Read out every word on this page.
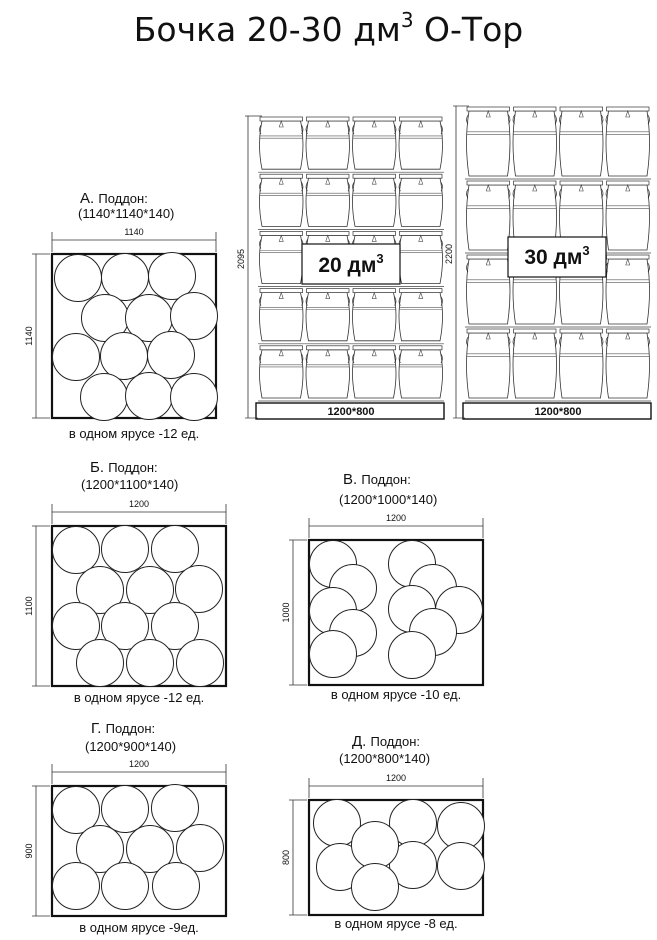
Бочка 20-30 $дм^3$ О-Тор
А. Поддон:
(1140*1140*140)
1140
1140
в одном ярусе -12 ед.
Б. Поддон:
(1200*1100*140)
1200
1100
в одном ярусе -12 ед.
В. Поддон:
(1200*1000*140)
1200
1000
в одном ярусе -10 ед.
Г. Поддон:
(1200*900*140)
1200
900
в одном ярусе -9ед.
Д. Поддон:
(1200*800*140)
1200
800
в одном ярусе -8 ед.
1200*800
2095	20 $дм^3$
1200*800
2200	30 $дм^3$
